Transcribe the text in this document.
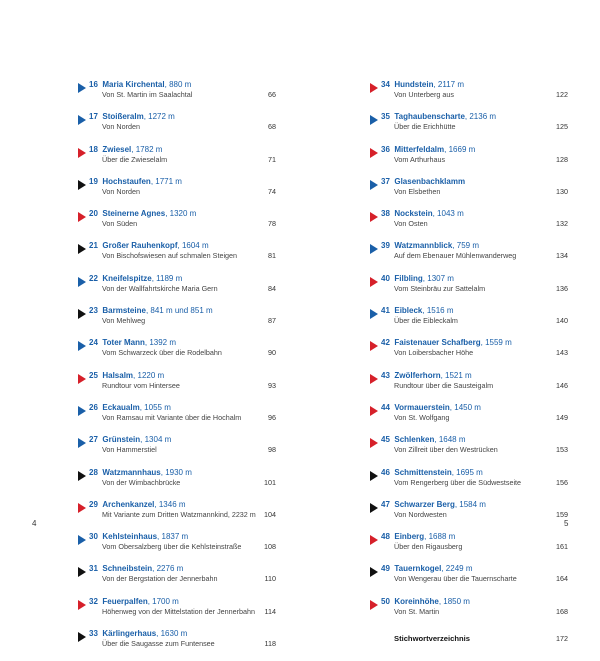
16 Maria Kirchental, 880 m
Von St. Martin im Saalachtal	66
17 Stoißeralm, 1272 m
Von Norden	68
18 Zwiesel, 1782 m
Über die Zwieselalm	71
19 Hochstaufen, 1771 m
Von Norden	74
20 Steinerne Agnes, 1320 m
Von Süden	78
21 Großer Rauhenkopf, 1604 m
Von Bischofswiesen auf schmalen Steigen	81
22 Kneifelspitze, 1189 m
Von der Wallfahrtskirche Maria Gern	84
23 Barmsteine, 841 m und 851 m
Von Mehlweg	87
24 Toter Mann, 1392 m
Vom Schwarzeck über die Rodelbahn	90
25 Halsalm, 1220 m
Rundtour vom Hintersee	93
26 Eckaualm, 1055 m
Von Ramsau mit Variante über die Hochalm	96
27 Grünstein, 1304 m
Von Hammerstiel	98
28 Watzmannhaus, 1930 m
Von der Wimbachbrücke	101
29 Archenkanzel, 1346 m
Mit Variante zum Dritten Watzmannkind, 2232 m 104
30 Kehlsteinhaus, 1837 m
Vom Obersalzberg über die Kehlsteinstraße	108
31 Schneibstein, 2276 m
Von der Bergstation der Jennerbahn	110
32 Feuerpalfen, 1700 m
Höhenweg von der Mittelstation der Jennerbahn 114
33 Kärlingerhaus, 1630 m
Über die Saugasse zum Funtensee	118
34 Hundstein, 2117 m
Von Unterberg aus	122
35 Taghaubenscharte, 2136 m
Über die Erichhütte	125
36 Mitterfeldalm, 1669 m
Vom Arthurhaus	128
37 Glasenbachklamm
Von Elsbethen	130
38 Nockstein, 1043 m
Von Osten	132
39 Watzmannblick, 759 m
Auf dem Ebenauer Mühlenwanderweg	134
40 Filbling, 1307 m
Vom Steinbräu zur Sattelalm	136
41 Eibleck, 1516 m
Über die Eibleckalm	140
42 Faistenauer Schafberg, 1559 m
Von Loibersbacher Höhe	143
43 Zwölferhorn, 1521 m
Rundtour über die Sausteigalm	146
44 Vormauerstein, 1450 m
Von St. Wolfgang	149
45 Schlenken, 1648 m
Von Zillreit über den Westrücken	153
46 Schmittenstein, 1695 m
Vom Rengerberg über die Südwestseite	156
47 Schwarzer Berg, 1584 m
Von Nordwesten	159
48 Einberg, 1688 m
Über den Rigausberg	161
49 Tauernkogel, 2249 m
Von Wengerau über die Tauernscharte	164
50 Koreinhöhe, 1850 m
Von St. Martin	168
Stichwortverzeichnis	172
4	5
